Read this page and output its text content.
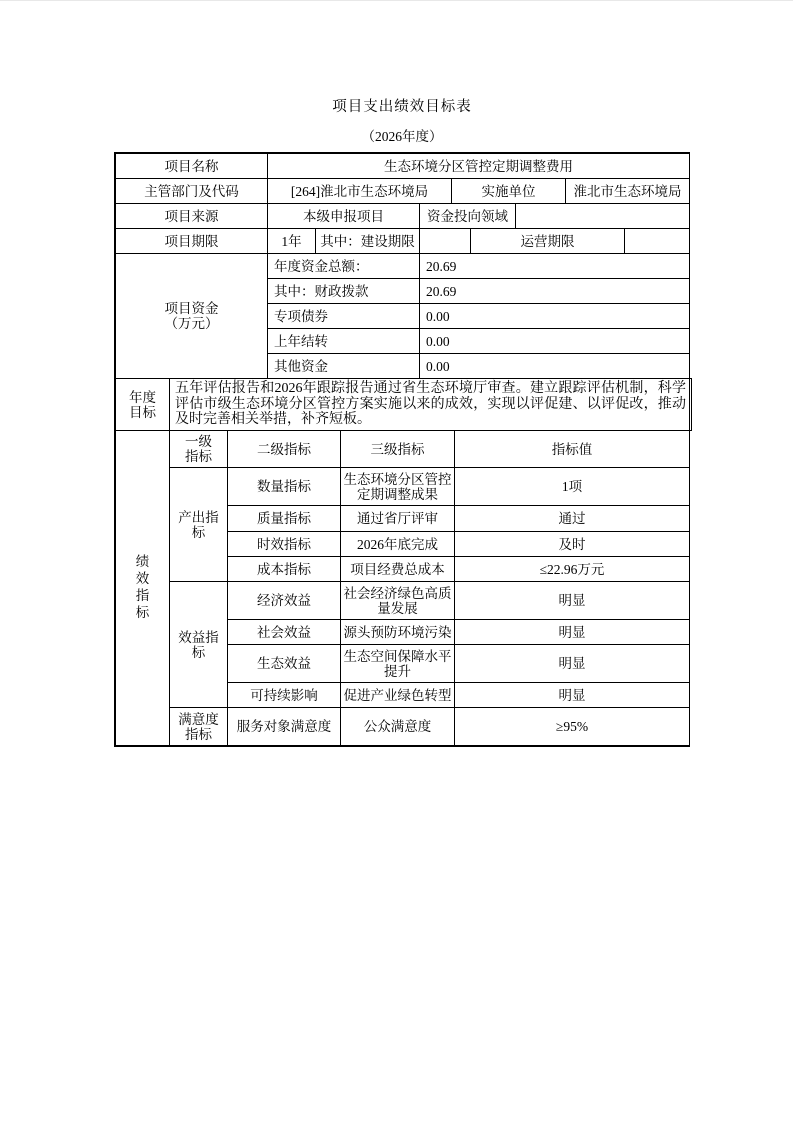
项目支出绩效目标表
（2026年度）
项目名称	生态环境分区管控定期调整费用							
主管部门及代码	[264]淮北市生态环境局			实施单位			淮北市生态环境局	
项目来源	本级申报项目		资金投向领域					
项目期限	1年	其中：建设期限			运营期限			
项目资金（万元）	年度资金总额：		20.69					
	其中：财政拨款		20.69					
	专项债券		0.00					
	上年结转		0.00					
	其他资金		0.00					
年度目标	五年评估报告和2026年跟踪报告通过省生态环境厅审查。建立跟踪评估机制，科学评估市级生态环境分区管控方案实施以来的成效，实现以评促建、以评促改，推动及时完善相关举措，补齐短板。
绩效指标	一级指标	二级指标	三级指标	指标值
	产出指标	数量指标	生态环境分区管控定期调整成果	1项
		质量指标	通过省厅评审	通过
		时效指标	2026年底完成	及时
		成本指标	项目经费总成本	≤22.96万元
	效益指标	经济效益	社会经济绿色高质量发展	明显
		社会效益	源头预防环境污染	明显
		生态效益	生态空间保障水平提升	明显
		可持续影响	促进产业绿色转型	明显
	满意度指标	服务对象满意度	公众满意度	≥95%
